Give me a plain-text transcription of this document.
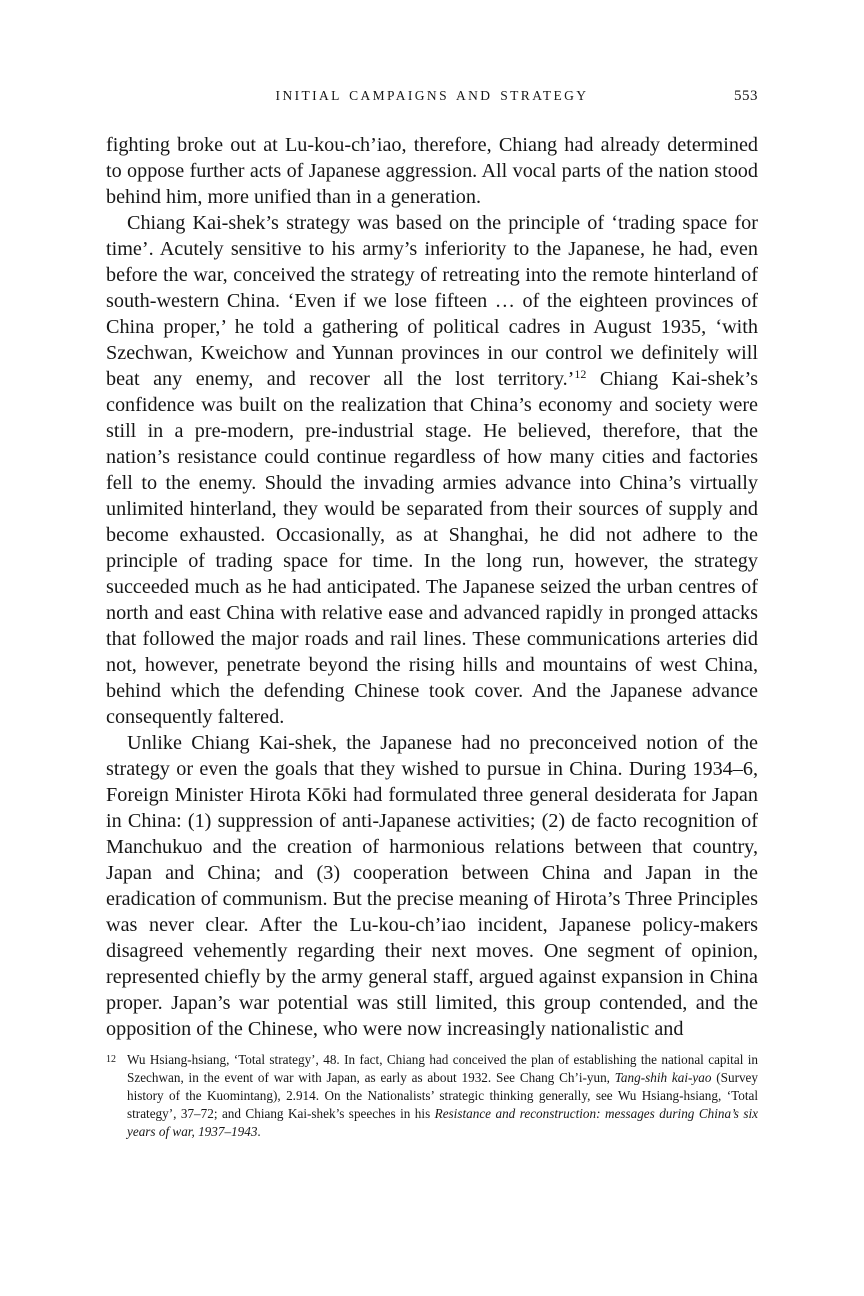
INITIAL CAMPAIGNS AND STRATEGY	553

fighting broke out at Lu-kou-ch’iao, therefore, Chiang had already determined to oppose further acts of Japanese aggression. All vocal parts of the nation stood behind him, more unified than in a generation.

Chiang Kai-shek’s strategy was based on the principle of ‘trading space for time’. Acutely sensitive to his army’s inferiority to the Japanese, he had, even before the war, conceived the strategy of retreating into the remote hinterland of south-western China. ‘Even if we lose fifteen … of the eighteen provinces of China proper,’ he told a gathering of political cadres in August 1935, ‘with Szechwan, Kweichow and Yunnan provinces in our control we definitely will beat any enemy, and recover all the lost territory.’$^{12}$ Chiang Kai-shek’s confidence was built on the realization that China’s economy and society were still in a pre-modern, pre-industrial stage. He believed, therefore, that the nation’s resistance could continue regardless of how many cities and factories fell to the enemy. Should the invading armies advance into China’s virtually unlimited hinterland, they would be separated from their sources of supply and become exhausted. Occasionally, as at Shanghai, he did not adhere to the principle of trading space for time. In the long run, however, the strategy succeeded much as he had anticipated. The Japanese seized the urban centres of north and east China with relative ease and advanced rapidly in pronged attacks that followed the major roads and rail lines. These communications arteries did not, however, penetrate beyond the rising hills and mountains of west China, behind which the defending Chinese took cover. And the Japanese advance consequently faltered.

Unlike Chiang Kai-shek, the Japanese had no preconceived notion of the strategy or even the goals that they wished to pursue in China. During 1934–6, Foreign Minister Hirota Kōki had formulated three general desiderata for Japan in China: (1) suppression of anti-Japanese activities; (2) de facto recognition of Manchukuo and the creation of harmonious relations between that country, Japan and China; and (3) cooperation between China and Japan in the eradication of communism. But the precise meaning of Hirota’s Three Principles was never clear. After the Lu-kou-ch’iao incident, Japanese policy-makers disagreed vehemently regarding their next moves. One segment of opinion, represented chiefly by the army general staff, argued against expansion in China proper. Japan’s war potential was still limited, this group contended, and the opposition of the Chinese, who were now increasingly nationalistic and

12 Wu Hsiang-hsiang, ‘Total strategy’, 48. In fact, Chiang had conceived the plan of establishing the national capital in Szechwan, in the event of war with Japan, as early as about 1932. See Chang Ch’i-yun, Tang-shih kai-yao (Survey history of the Kuomintang), 2.914. On the Nationalists’ strategic thinking generally, see Wu Hsiang-hsiang, ‘Total strategy’, 37–72; and Chiang Kai-shek’s speeches in his Resistance and reconstruction: messages during China’s six years of war, 1937–1943.
